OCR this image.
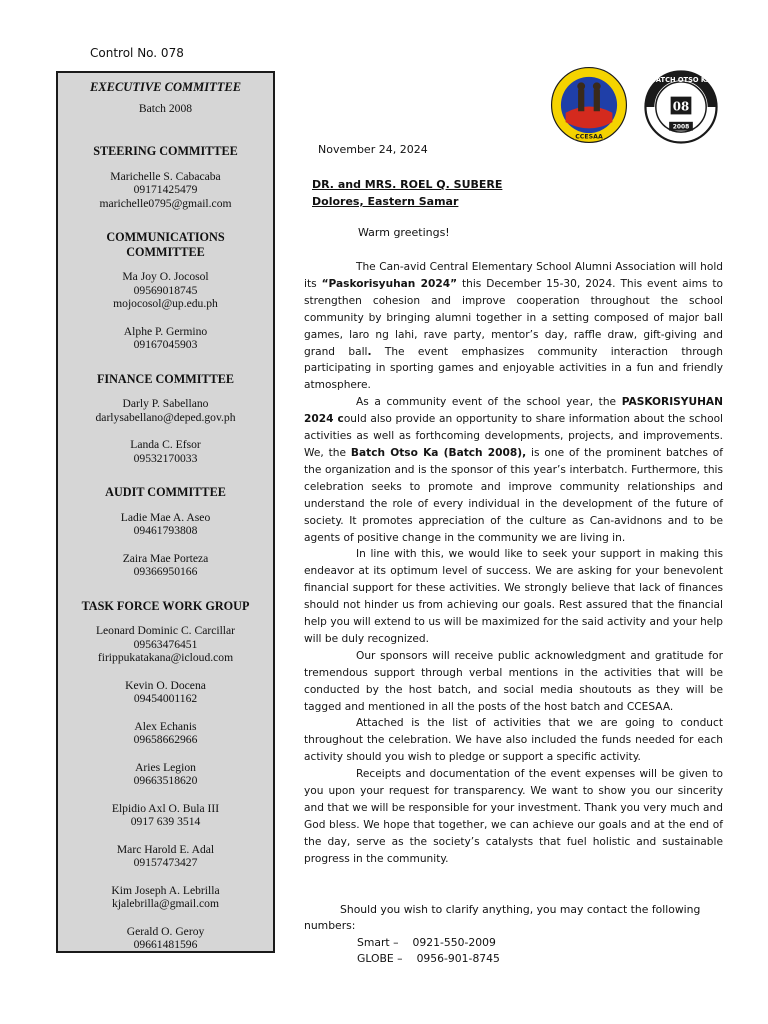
Control No. 078
EXECUTIVE COMMITTEE
Batch 2008
STEERING COMMITTEE
Marichelle S. Cabacaba
09171425479
marichelle0795@gmail.com
COMMUNICATIONS COMMITTEE
Ma Joy O. Jocosol
09569018745
mojocosol@up.edu.ph
Alphe P. Germino
09167045903
FINANCE COMMITTEE
Darly P. Sabellano
darlysabellano@deped.gov.ph
Landa C. Efsor
09532170033
AUDIT COMMITTEE
Ladie Mae A. Aseo
09461793808
Zaira Mae Porteza
09366950166
TASK FORCE WORK GROUP
Leonard Dominic C. Carcillar
09563476451
firippukatakana@icloud.com
Kevin O. Docena
09454001162
Alex Echanis
09658662966
Aries Legion
09663518620
Elpidio Axl O. Bula III
0917 639 3514
Marc Harold E. Adal
09157473427
Kim Joseph A. Lebrilla
kjalebrilla@gmail.com
Gerald O. Geroy
09661481596
CCESAA
BATCH OTSO KA
08
2008
November 24, 2024
DR. and MRS. ROEL Q. SUBERE
Dolores, Eastern Samar
Warm greetings!

The Can-avid Central Elementary School Alumni Association will hold its “Paskorisyuhan 2024” this December 15-30, 2024. This event aims to strengthen cohesion and improve cooperation throughout the school community by bringing alumni together in a setting composed of major ball games, laro ng lahi, rave party, mentor’s day, raffle draw, gift-giving and grand ball. The event emphasizes community interaction through participating in sporting games and enjoyable activities in a fun and friendly atmosphere.

As a community event of the school year, the PASKORISYUHAN 2024 could also provide an opportunity to share information about the school activities as well as forthcoming developments, projects, and improvements. We, the Batch Otso Ka (Batch 2008), is one of the prominent batches of the organization and is the sponsor of this year’s interbatch. Furthermore, this celebration seeks to promote and improve community relationships and understand the role of every individual in the development of the future of society. It promotes appreciation of the culture as Can-avidnons and to be agents of positive change in the community we are living in.

In line with this, we would like to seek your support in making this endeavor at its optimum level of success. We are asking for your benevolent financial support for these activities. We strongly believe that lack of finances should not hinder us from achieving our goals. Rest assured that the financial help you will extend to us will be maximized for the said activity and your help will be duly recognized.

Our sponsors will receive public acknowledgment and gratitude for tremendous support through verbal mentions in the activities that will be conducted by the host batch, and social media shoutouts as they will be tagged and mentioned in all the posts of the host batch and CCESAA.

Attached is the list of activities that we are going to conduct throughout the celebration. We have also included the funds needed for each activity should you wish to pledge or support a specific activity.

Receipts and documentation of the event expenses will be given to you upon your request for transparency. We want to show you our sincerity and that we will be responsible for your investment. Thank you very much and God bless. We hope that together, we can achieve our goals and at the end of the day, serve as the society’s catalysts that fuel holistic and sustainable progress in the community.

Should you wish to clarify anything, you may contact the following numbers:
Smart – 0921-550-2009
GLOBE – 0956-901-8745
